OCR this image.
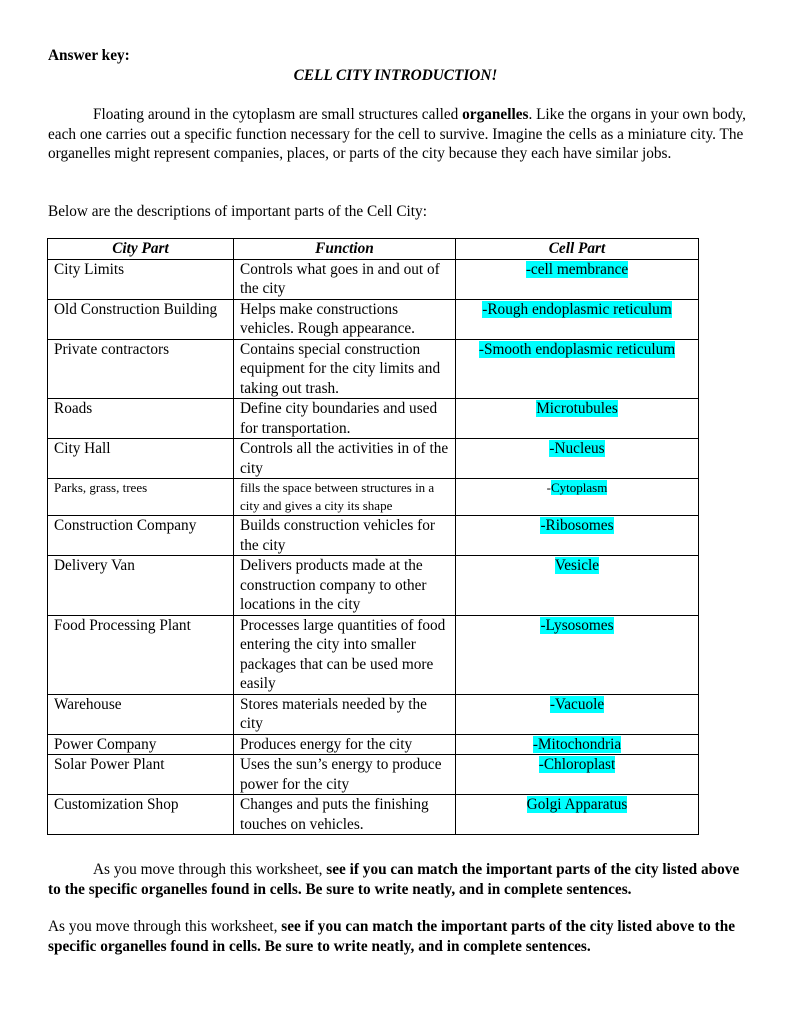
Answer key:
CELL CITY INTRODUCTION!

Floating around in the cytoplasm are small structures called organelles. Like the organs in your own body, each one carries out a specific function necessary for the cell to survive. Imagine the cells as a miniature city. The organelles might represent companies, places, or parts of the city because they each have similar jobs.

Below are the descriptions of important parts of the Cell City:
City Part	Function	Cell Part
City Limits	Controls what goes in and out of the city	-cell membrance
Old Construction Building	Helps make constructions vehicles. Rough appearance.	-Rough endoplasmic reticulum
Private contractors	Contains special construction equipment for the city limits and taking out trash.	-Smooth endoplasmic reticulum
Roads	Define city boundaries and used for transportation.	Microtubules
City Hall	Controls all the activities in of the city	-Nucleus
Parks, grass, trees	fills the space between structures in a city and gives a city its shape	-Cytoplasm
Construction Company	Builds construction vehicles for the city	-Ribosomes
Delivery Van	Delivers products made at the construction company to other locations in the city	Vesicle
Food Processing Plant	Processes large quantities of food entering the city into smaller packages that can be used more easily	-Lysosomes
Warehouse	Stores materials needed by the city	-Vacuole
Power Company	Produces energy for the city	-Mitochondria
Solar Power Plant	Uses the sun’s energy to produce power for the city	-Chloroplast
Customization Shop	Changes and puts the finishing touches on vehicles.	Golgi Apparatus

As you move through this worksheet, see if you can match the important parts of the city listed above to the specific organelles found in cells. Be sure to write neatly, and in complete sentences.

As you move through this worksheet, see if you can match the important parts of the city listed above to the specific organelles found in cells. Be sure to write neatly, and in complete sentences.
